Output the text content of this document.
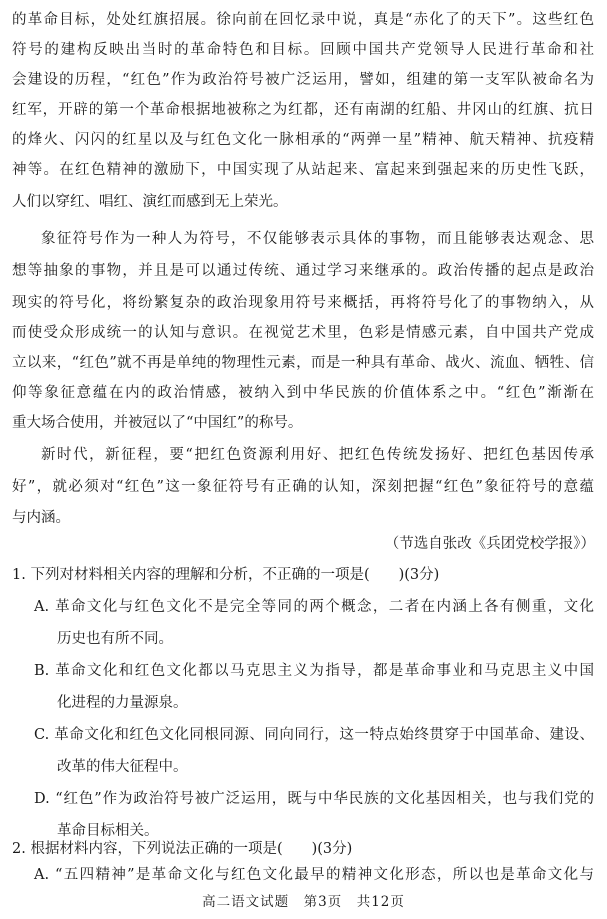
的革命目标，处处红旗招展。徐向前在回忆录中说，真是“赤化了的天下”。这些红色
符号的建构反映出当时的革命特色和目标。回顾中国共产党领导人民进行革命和社
会建设的历程，“红色”作为政治符号被广泛运用，譬如，组建的第一支军队被命名为
红军，开辟的第一个革命根据地被称之为红都，还有南湖的红船、井冈山的红旗、抗日
的烽火、闪闪的红星以及与红色文化一脉相承的“两弹一星”精神、航天精神、抗疫精
神等。在红色精神的激励下，中国实现了从站起来、富起来到强起来的历史性飞跃，
人们以穿红、唱红、演红而感到无上荣光。
象征符号作为一种人为符号，不仅能够表示具体的事物，而且能够表达观念、思
想等抽象的事物，并且是可以通过传统、通过学习来继承的。政治传播的起点是政治
现实的符号化，将纷繁复杂的政治现象用符号来概括，再将符号化了的事物纳入，从
而使受众形成统一的认知与意识。在视觉艺术里，色彩是情感元素，自中国共产党成
立以来，“红色”就不再是单纯的物理性元素，而是一种具有革命、战火、流血、牺牲、信
仰等象征意蕴在内的政治情感，被纳入到中华民族的价值体系之中。“红色”渐渐在
重大场合使用，并被冠以了“中国红”的称号。
新时代，新征程，要“把红色资源利用好、把红色传统发扬好、把红色基因传承
好”，就必须对“红色”这一象征符号有正确的认知，深刻把握“红色”象征符号的意蕴
与内涵。
（节选自张改《兵团党校学报》）
1. 下列对材料相关内容的理解和分析，不正确的一项是(　　)(3分)
A. 革命文化与红色文化不是完全等同的两个概念，二者在内涵上各有侧重，文化
历史也有所不同。
B. 革命文化和红色文化都以马克思主义为指导，都是革命事业和马克思主义中国
化进程的力量源泉。
C. 革命文化和红色文化同根同源、同向同行，这一特点始终贯穿于中国革命、建设、
改革的伟大征程中。
D. “红色”作为政治符号被广泛运用，既与中华民族的文化基因相关，也与我们党的
革命目标相关。
2. 根据材料内容，下列说法正确的一项是(　　)(3分)
A. “五四精神”是革命文化与红色文化最早的精神文化形态，所以也是革命文化与
高二语文试题　第3页　共12页
